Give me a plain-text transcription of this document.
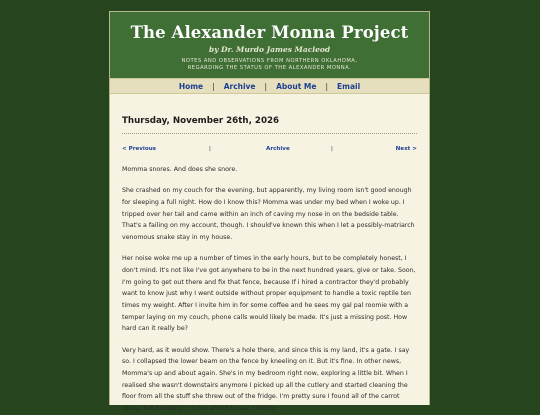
The Alexander Monna Project
by Dr. Murdo James Macleod
NOTES AND OBSERVATIONS FROM NORTHERN OKLAHOMA,
REGARDING THE STATUS OF THE ALEXANDER MONNA.
Home | Archive | About Me | Email
Thursday, November 26th, 2026
< Previous	|	Archive	|	Next >

Momma snores. And does she snore.

She crashed on my couch for the evening, but apparently, my living room isn't good enough for sleeping a full night. How do I know this? Momma was under my bed when I woke up. I tripped over her tail and came within an inch of caving my nose in on the bedside table. That's a failing on my account, though. I should've known this when I let a possibly-matriarch venomous snake stay in my house.

Her noise woke me up a number of times in the early hours, but to be completely honest, I don't mind. It's not like I've got anywhere to be in the next hundred years, give or take. Soon, I'm going to get out there and fix that fence, because If i hired a contractor they'd probably want to know just why I went outside without proper equipment to handle a toxic reptile ten times my weight. After I invite him in for some coffee and he sees my gal pal roomie with a temper laying on my couch, phone calls would likely be made. It's just a missing post. How hard can it really be?

Very hard, as it would show. There's a hole there, and since this is my land, it's a gate. I say so. I collapsed the lower beam on the fence by kneeling on it. But it's fine. In other news, Momma's up and about again. She's in my bedroom right now, exploring a little bit. When I realised she wasn't downstairs anymore I picked up all the cutlery and started cleaning the floor from all the stuff she threw out of the fridge. I'm pretty sure I found all of the carrot slices, but honestly, I'm too afraid to say. I had to
